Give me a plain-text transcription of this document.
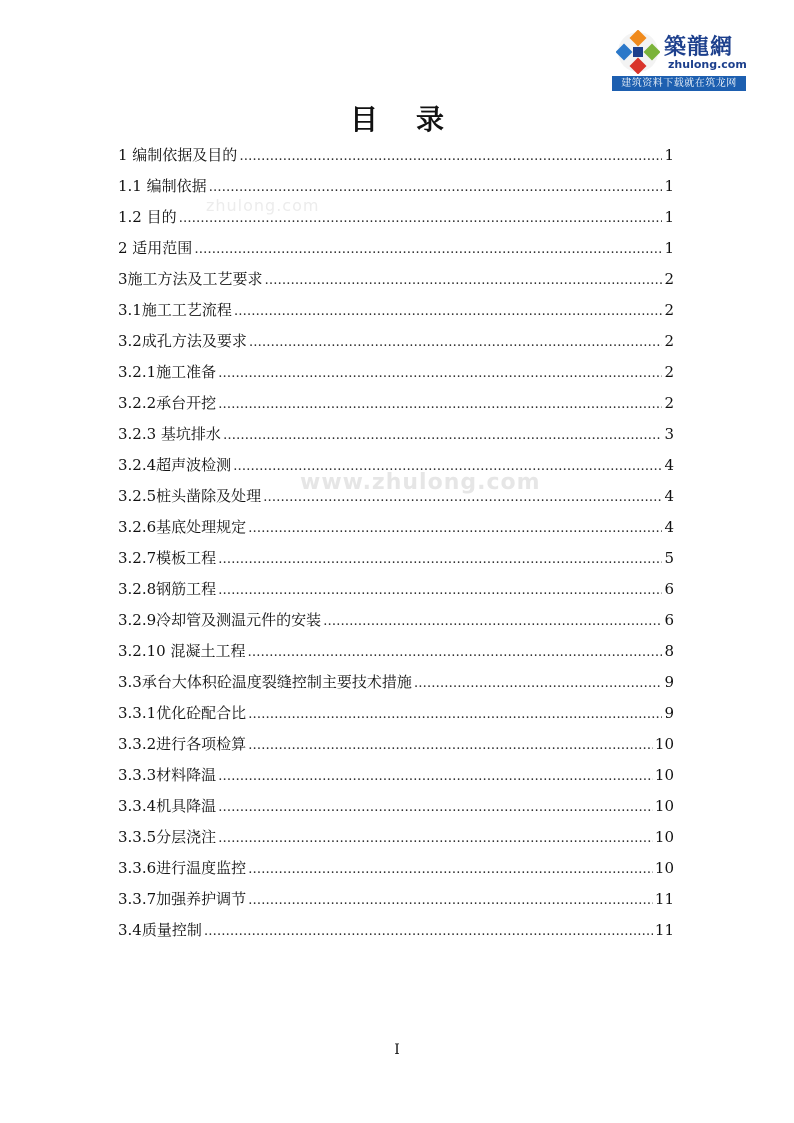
築龍網
zhulong.com
建筑资料下载就在筑龙网
目录
zhulong.com
www.zhulong.com
1 编制依据及目的 ……………………………………………………………………………………………………………………………………	1
1.1 编制依据 ……………………………………………………………………………………………………………………………………	1
1.2 目的 ……………………………………………………………………………………………………………………………………	1
2 适用范围 ……………………………………………………………………………………………………………………………………	1
3施工方法及工艺要求 ……………………………………………………………………………………………………………………………………	2
3.1施工工艺流程 ……………………………………………………………………………………………………………………………………	2
3.2成孔方法及要求 ……………………………………………………………………………………………………………………………………	2
3.2.1施工准备 ……………………………………………………………………………………………………………………………………	2
3.2.2承台开挖 ……………………………………………………………………………………………………………………………………	2
3.2.3 基坑排水 ……………………………………………………………………………………………………………………………………	3
3.2.4超声波检测 ……………………………………………………………………………………………………………………………………	4
3.2.5桩头凿除及处理 ……………………………………………………………………………………………………………………………………	4
3.2.6基底处理规定 ……………………………………………………………………………………………………………………………………	4
3.2.7模板工程 ……………………………………………………………………………………………………………………………………	5
3.2.8钢筋工程 ……………………………………………………………………………………………………………………………………	6
3.2.9冷却管及测温元件的安装 ……………………………………………………………………………………………………………………………………	6
3.2.10 混凝土工程 ……………………………………………………………………………………………………………………………………	8
3.3承台大体积砼温度裂缝控制主要技术措施 ……………………………………………………………………………………………………………………………………	9
3.3.1优化砼配合比 ……………………………………………………………………………………………………………………………………	9
3.3.2进行各项检算 ……………………………………………………………………………………………………………………………………	10
3.3.3材料降温 ……………………………………………………………………………………………………………………………………	10
3.3.4机具降温 ……………………………………………………………………………………………………………………………………	10
3.3.5分层浇注 ……………………………………………………………………………………………………………………………………	10
3.3.6进行温度监控 ……………………………………………………………………………………………………………………………………	10
3.3.7加强养护调节 ……………………………………………………………………………………………………………………………………	11
3.4质量控制 ……………………………………………………………………………………………………………………………………	11
I
